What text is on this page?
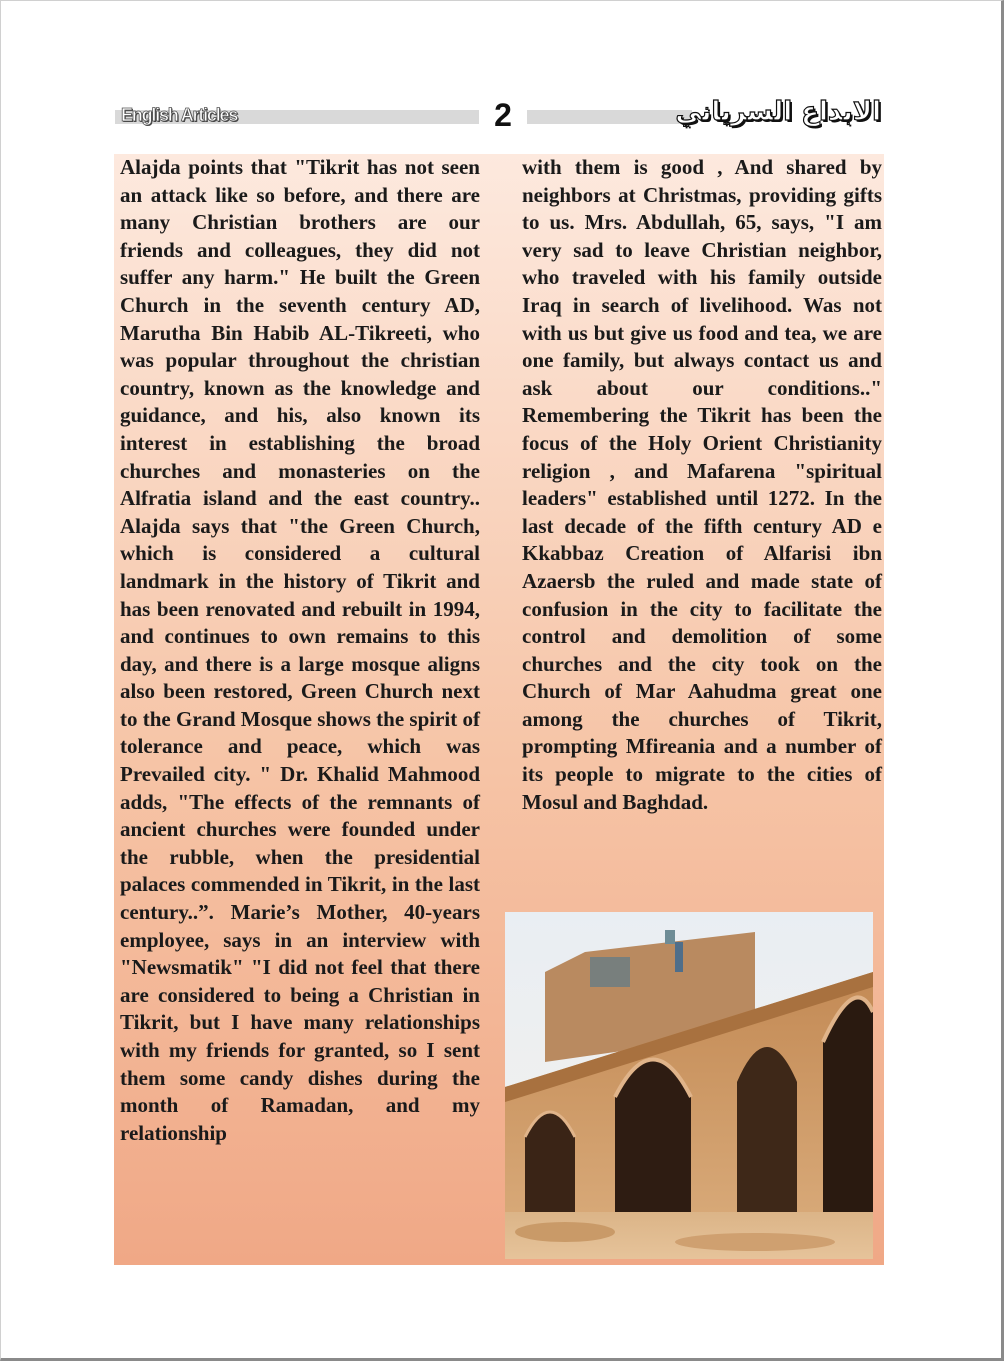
English Articles	2	الابداع السرياني

Alajda points that "Tikrit has not seen an attack like so before, and there are many Christian brothers are our friends and colleagues, they did not suffer any harm." He built the Green Church in the seventh century AD, Marutha Bin Habib AL-Tikreeti, who was popular throughout the christian country, known as the knowledge and guidance, and his, also known its interest in establishing the broad churches and monasteries on the Alfratia island and the east country.. Alajda says that "the Green Church, which is considered a cultural landmark in the history of Tikrit and has been renovated and rebuilt in 1994, and continues to own remains to this day, and there is a large mosque aligns also been restored, Green Church next to the Grand Mosque shows the spirit of tolerance and peace, which was Prevailed city. " Dr. Khalid Mahmood adds, "The effects of the remnants of ancient churches were founded under the rubble, when the presidential palaces commended in Tikrit, in the last century..”. Marie’s Mother, 40-years employee, says in an interview with "Newsmatik" "I did not feel that there are considered to being a Christian in Tikrit, but I have many relationships with my friends for granted, so I sent them some candy dishes during the month of Ramadan, and my relationship

with them is good , And shared by neighbors at Christmas, providing gifts to us. Mrs. Abdullah, 65, says, "I am very sad to leave Christian neighbor, who traveled with his family outside Iraq in search of livelihood. Was not with us but give us food and tea, we are one family, but always contact us and ask about our conditions.." Remembering the Tikrit has been the focus of the Holy Orient Christianity religion , and Mafarena "spiritual leaders" established until 1272. In the last decade of the fifth century AD e Kkabbaz Creation of Alfarisi ibn Azaersb the ruled and made state of confusion in the city to facilitate the control and demolition of some churches and the city took on the Church of Mar Aahudma great one among the churches of Tikrit, prompting Mfireania and a number of its people to migrate to the cities of Mosul and Baghdad.
